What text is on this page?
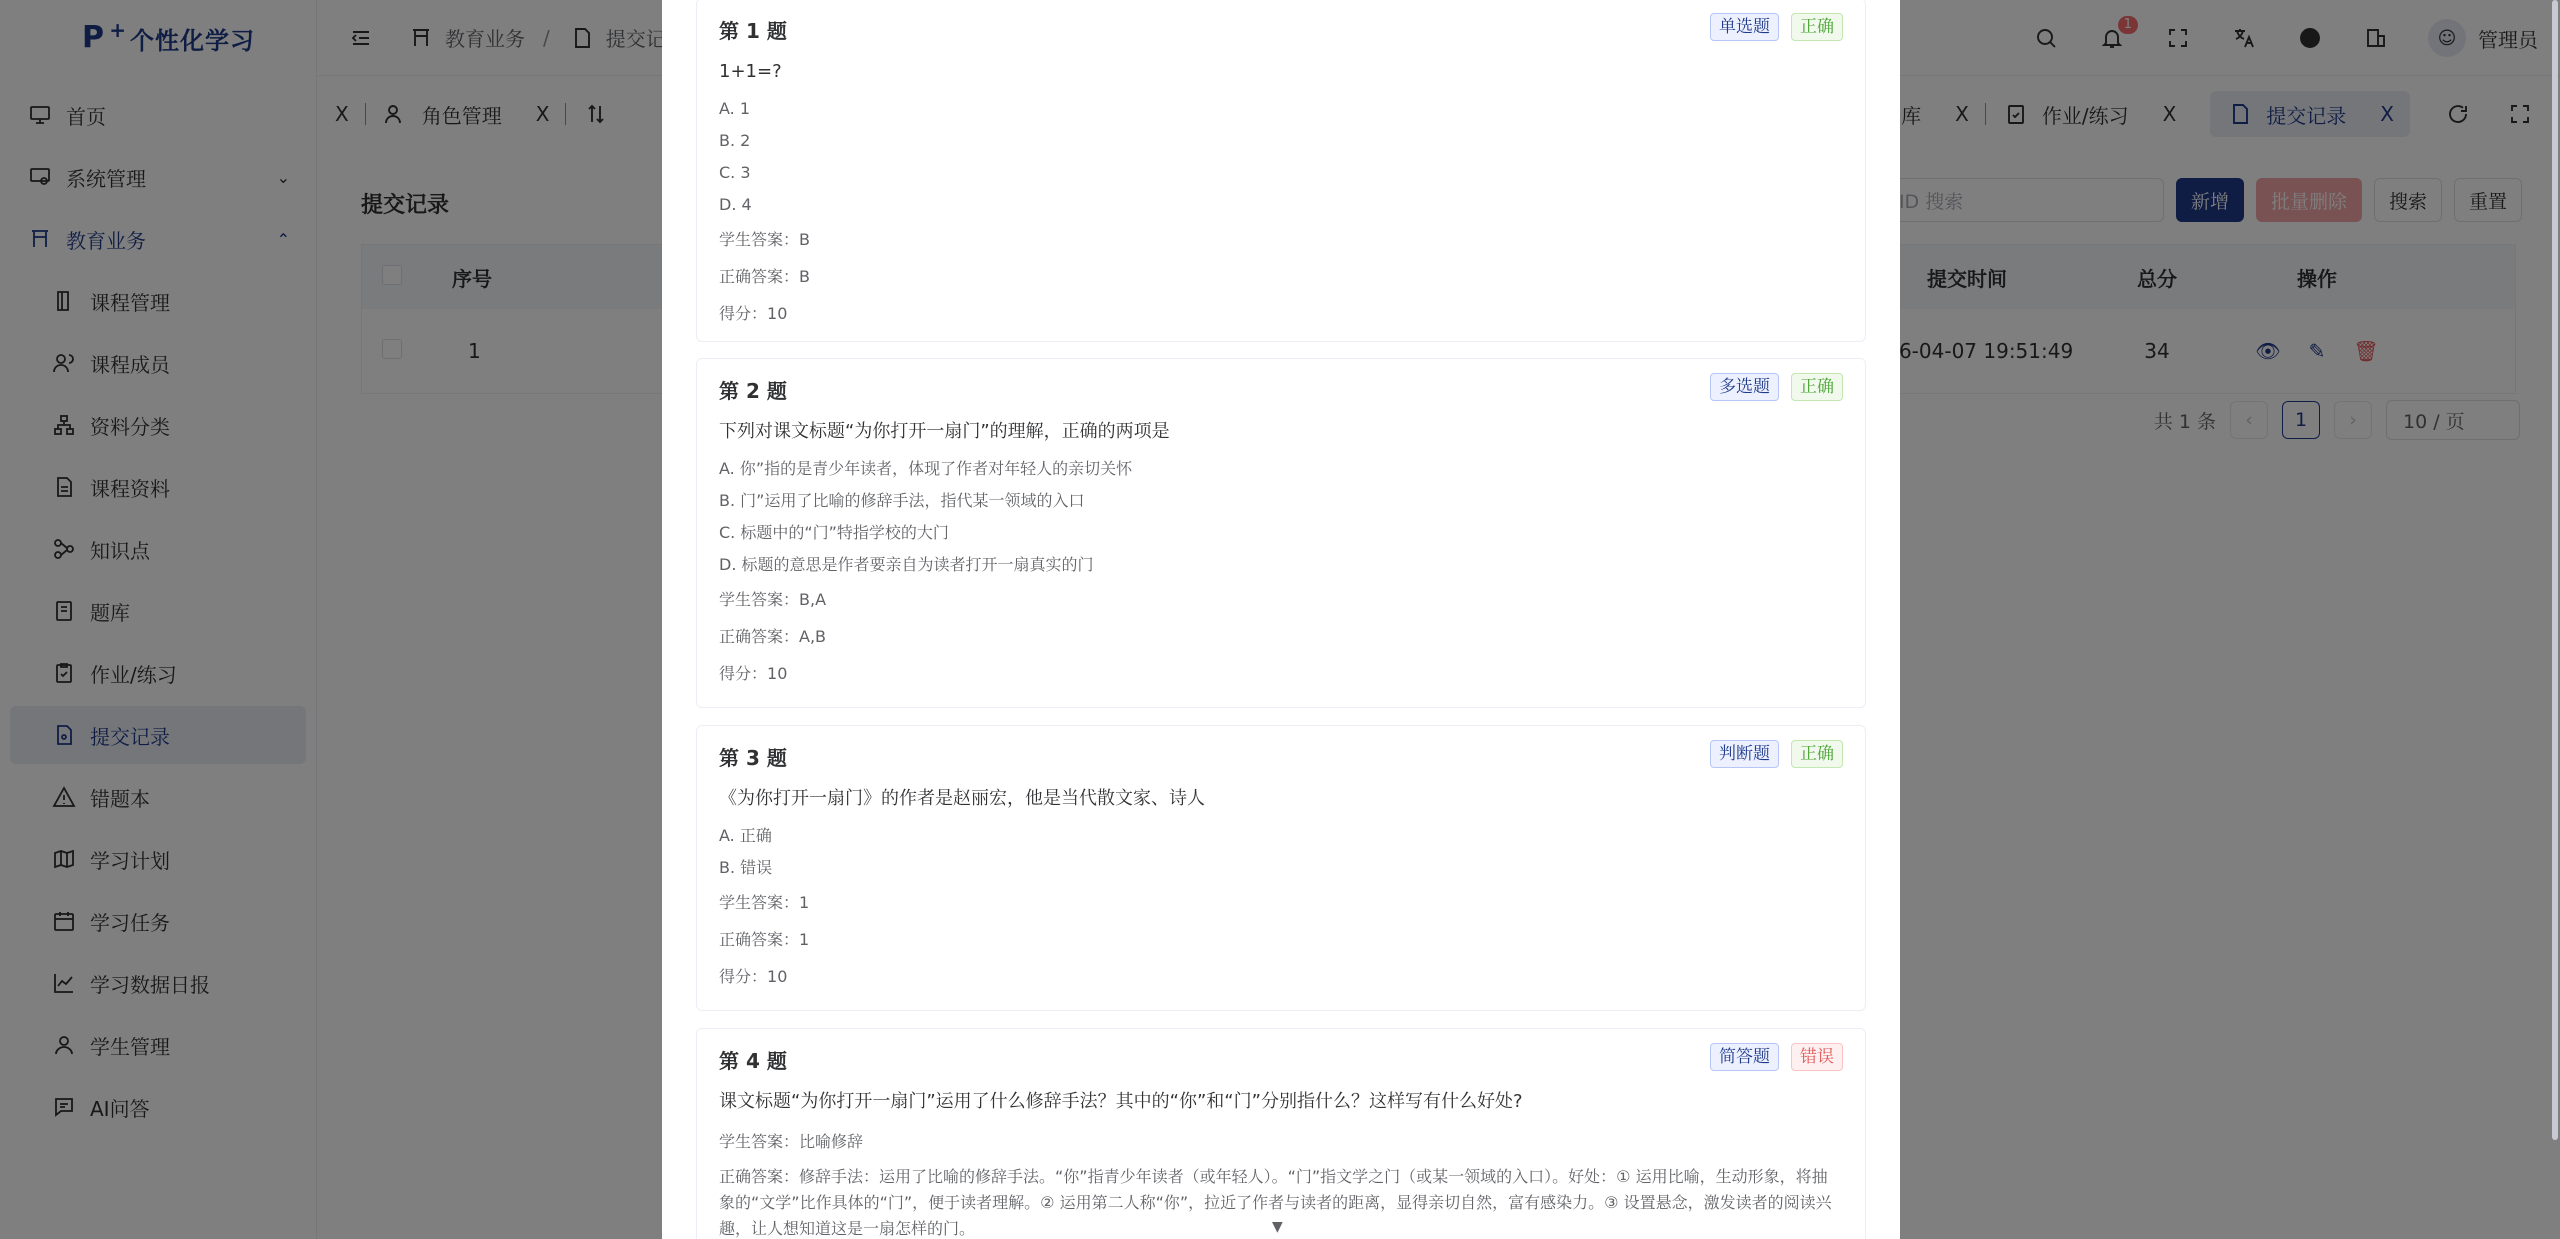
第 1 题	单选题	正确
1+1=?
A. 1
B. 2
C. 3
D. 4
学生答案：B
正确答案：B
得分：10
第 2 题	多选题	正确
下列对课文标题“为你打开一扇门”的理解，正确的两项是
A. 你”指的是青少年读者，体现了作者对年轻人的亲切关怀
B. 门”运用了比喻的修辞手法，指代某一领域的入口
C. 标题中的“门”特指学校的大门
D. 标题的意思是作者要亲自为读者打开一扇真实的门
学生答案：B,A
正确答案：A,B
得分：10
第 3 题	判断题	正确
《为你打开一扇门》的作者是赵丽宏，他是当代散文家、诗人
A. 正确
B. 错误
学生答案：1
正确答案：1
得分：10
第 4 题	简答题	错误
课文标题“为你打开一扇门”运用了什么修辞手法？其中的“你”和“门”分别指什么？这样写有什么好处?
学生答案：比喻修辞
正确答案：修辞手法：运用了比喻的修辞手法。“你”指青少年读者（或年轻人）。“门”指文学之门（或某一领域的入口）。好处：① 运用比喻，生动形象，将抽象的“文学”比作具体的“门”，便于读者理解。② 运用第二人称“你”，拉近了作者与读者的距离，显得亲切自然，富有感染力。③ 设置悬念，激发读者的阅读兴趣，让人想知道这是一扇怎样的门。	▼
